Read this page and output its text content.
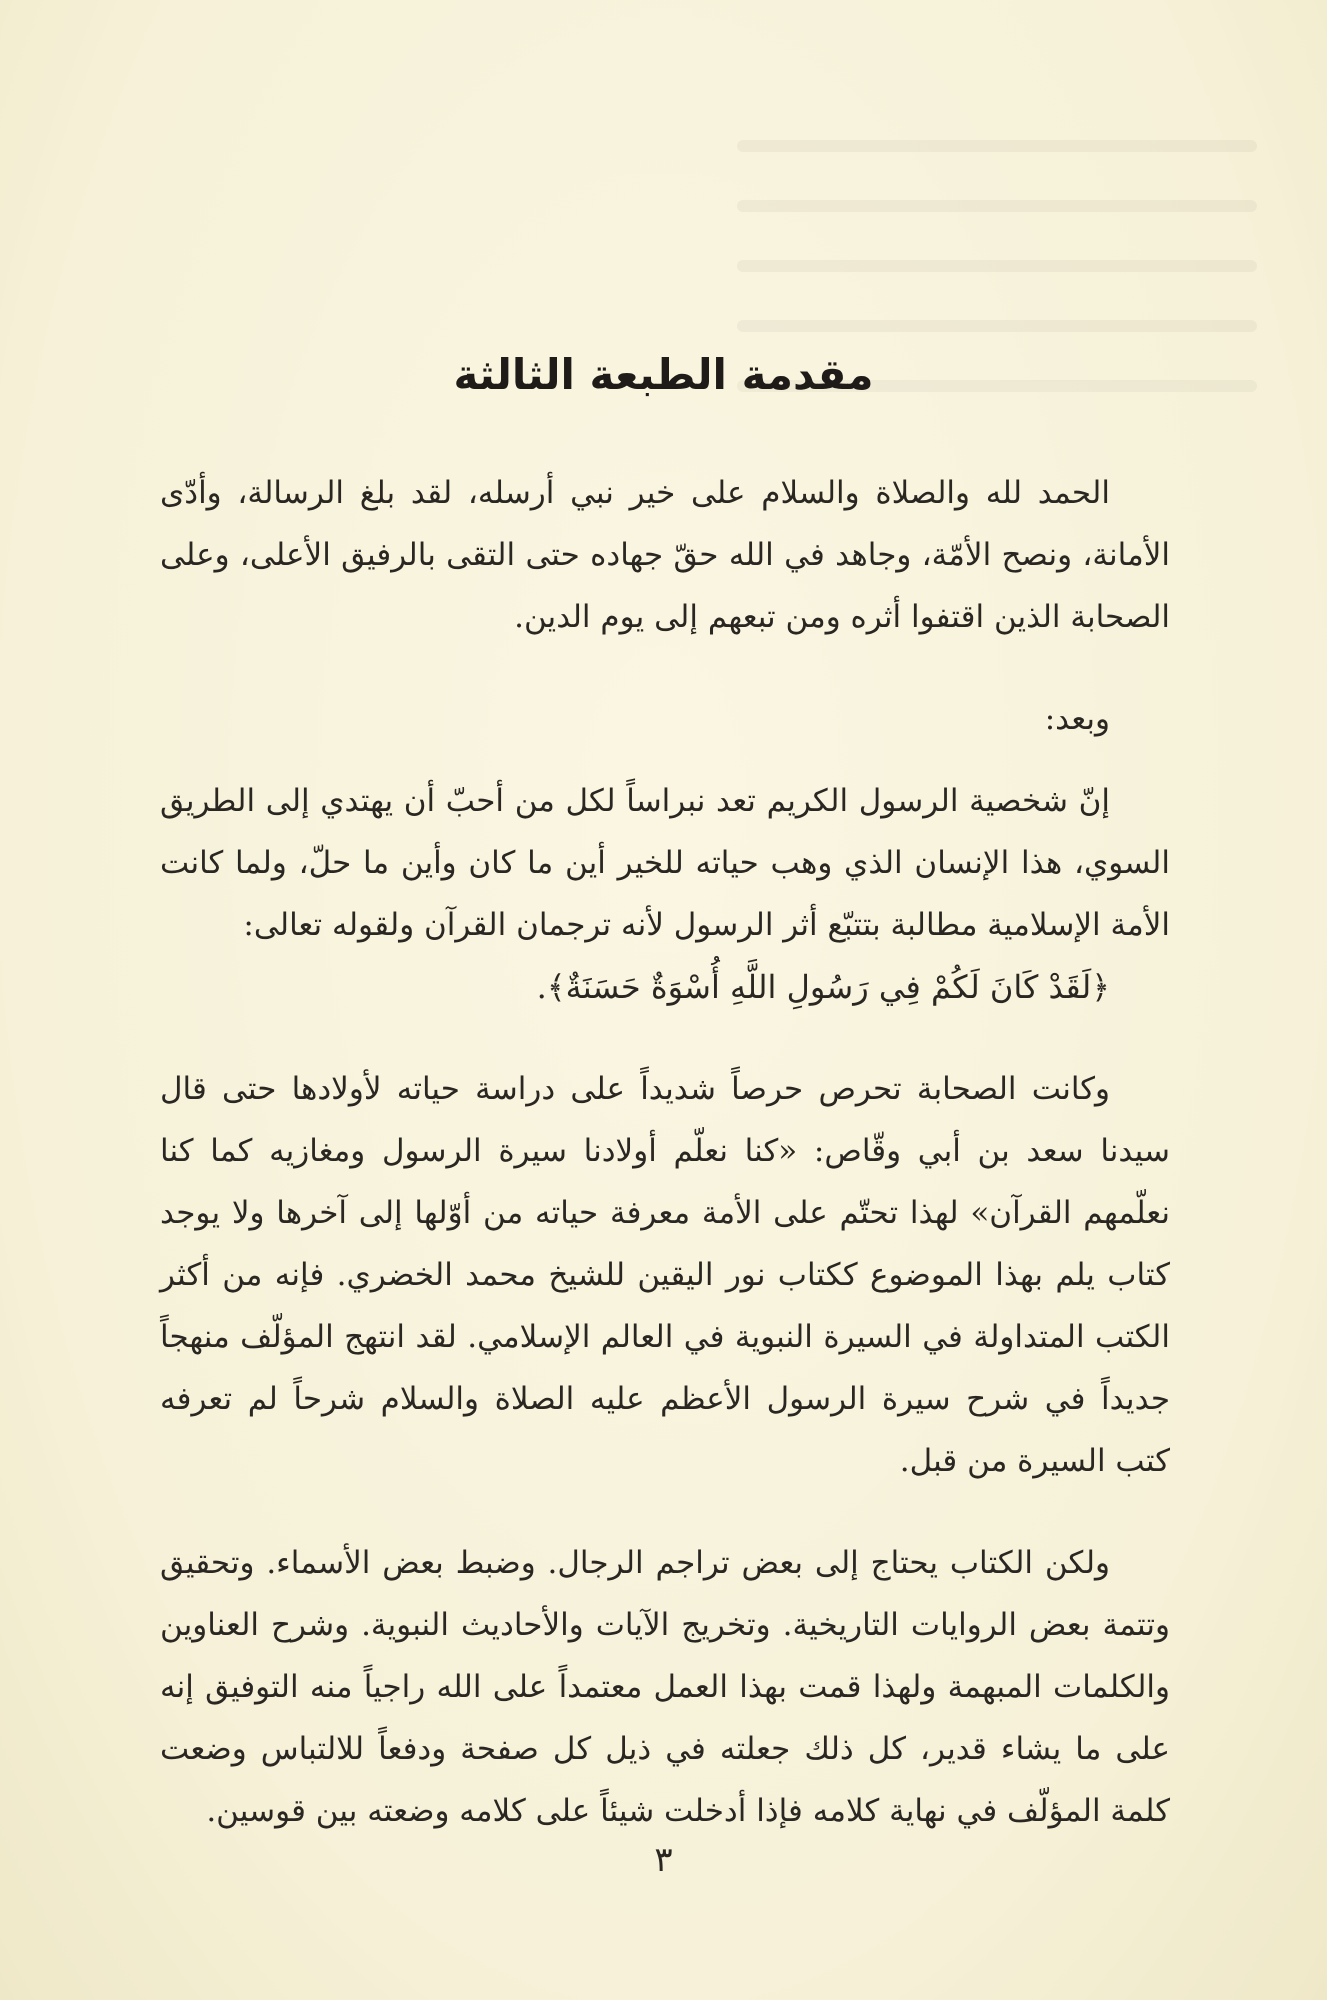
مقدمة الطبعة الثالثة

الحمد لله والصلاة والسلام على خير نبي أرسله، لقد بلغ الرسالة، وأدّى الأمانة، ونصح الأمّة، وجاهد في الله حقّ جهاده حتى التقى بالرفيق الأعلى، وعلى الصحابة الذين اقتفوا أثره ومن تبعهم إلى يوم الدين.

وبعد:

إنّ شخصية الرسول الكريم تعد نبراساً لكل من أحبّ أن يهتدي إلى الطريق السوي، هذا الإنسان الذي وهب حياته للخير أين ما كان وأين ما حلّ، ولما كانت الأمة الإسلامية مطالبة بتتبّع أثر الرسول لأنه ترجمان القرآن ولقوله تعالى:
﴿لَقَدْ كَانَ لَكُمْ فِي رَسُولِ اللَّهِ أُسْوَةٌ حَسَنَةٌ﴾.

وكانت الصحابة تحرص حرصاً شديداً على دراسة حياته لأولادها حتى قال سيدنا سعد بن أبي وقّاص: «كنا نعلّم أولادنا سيرة الرسول ومغازيه كما كنا نعلّمهم القرآن» لهذا تحتّم على الأمة معرفة حياته من أوّلها إلى آخرها ولا يوجد كتاب يلم بهذا الموضوع ككتاب نور اليقين للشيخ محمد الخضري. فإنه من أكثر الكتب المتداولة في السيرة النبوية في العالم الإسلامي. لقد انتهج المؤلّف منهجاً جديداً في شرح سيرة الرسول الأعظم عليه الصلاة والسلام شرحاً لم تعرفه كتب السيرة من قبل.

ولكن الكتاب يحتاج إلى بعض تراجم الرجال. وضبط بعض الأسماء. وتحقيق وتتمة بعض الروايات التاريخية. وتخريج الآيات والأحاديث النبوية. وشرح العناوين والكلمات المبهمة ولهذا قمت بهذا العمل معتمداً على الله راجياً منه التوفيق إنه على ما يشاء قدير، كل ذلك جعلته في ذيل كل صفحة ودفعاً للالتباس وضعت كلمة المؤلّف في نهاية كلامه فإذا أدخلت شيئاً على كلامه وضعته بين قوسين.

٣
